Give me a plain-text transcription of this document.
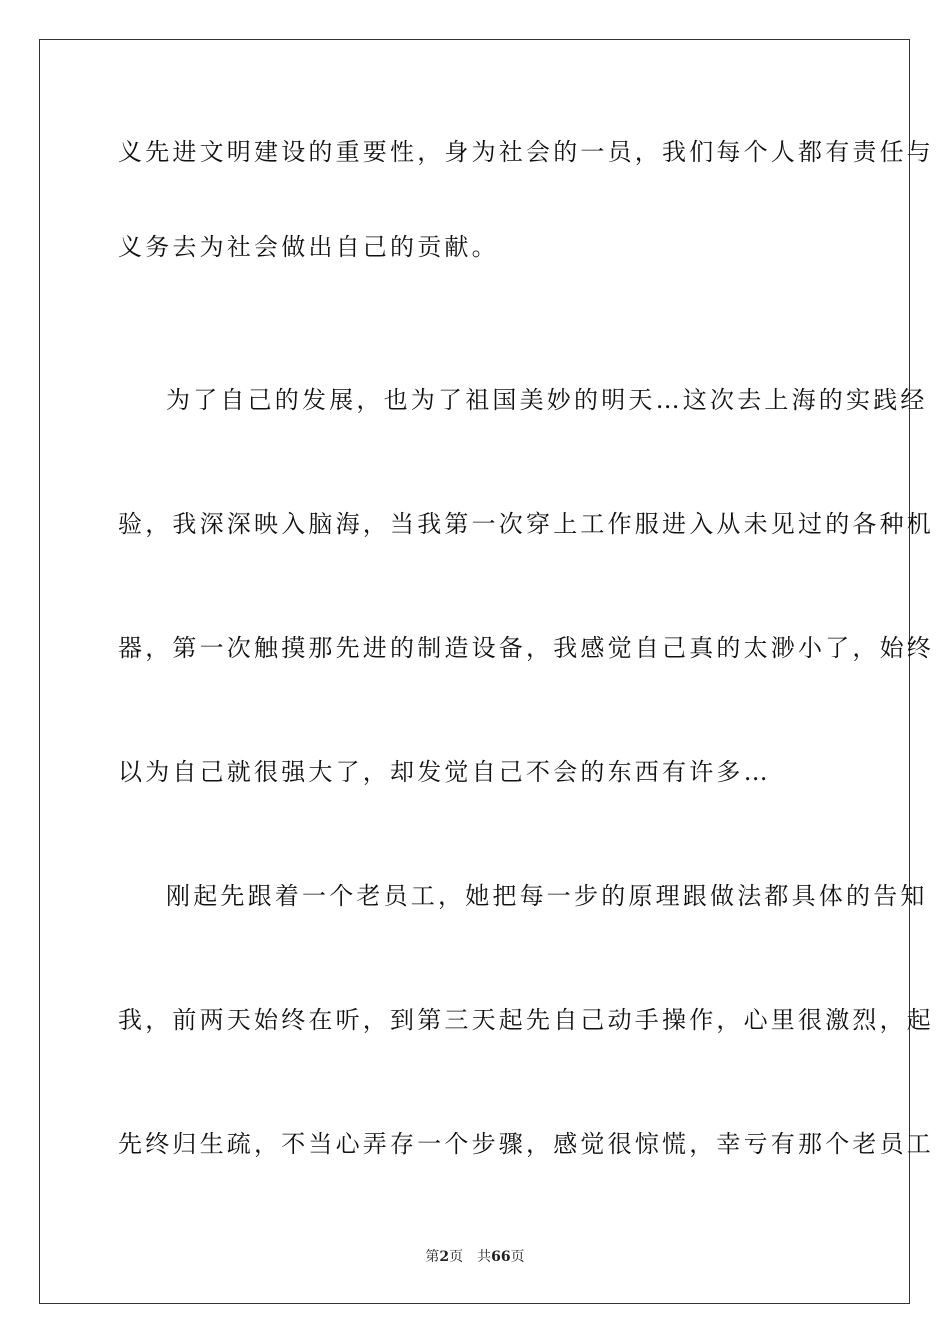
义先进文明建设的重要性，身为社会的一员，我们每个人都有责任与
义务去为社会做出自己的贡献。
为了自己的发展，也为了祖国美妙的明天…这次去上海的实践经
验，我深深映入脑海，当我第一次穿上工作服进入从未见过的各种机
器，第一次触摸那先进的制造设备，我感觉自己真的太渺小了，始终
以为自己就很强大了，却发觉自己不会的东西有许多…
刚起先跟着一个老员工，她把每一步的原理跟做法都具体的告知
我，前两天始终在听，到第三天起先自己动手操作，心里很激烈，起
先终归生疏，不当心弄存一个步骤，感觉很惊慌，幸亏有那个老员工
第2页 共66页
